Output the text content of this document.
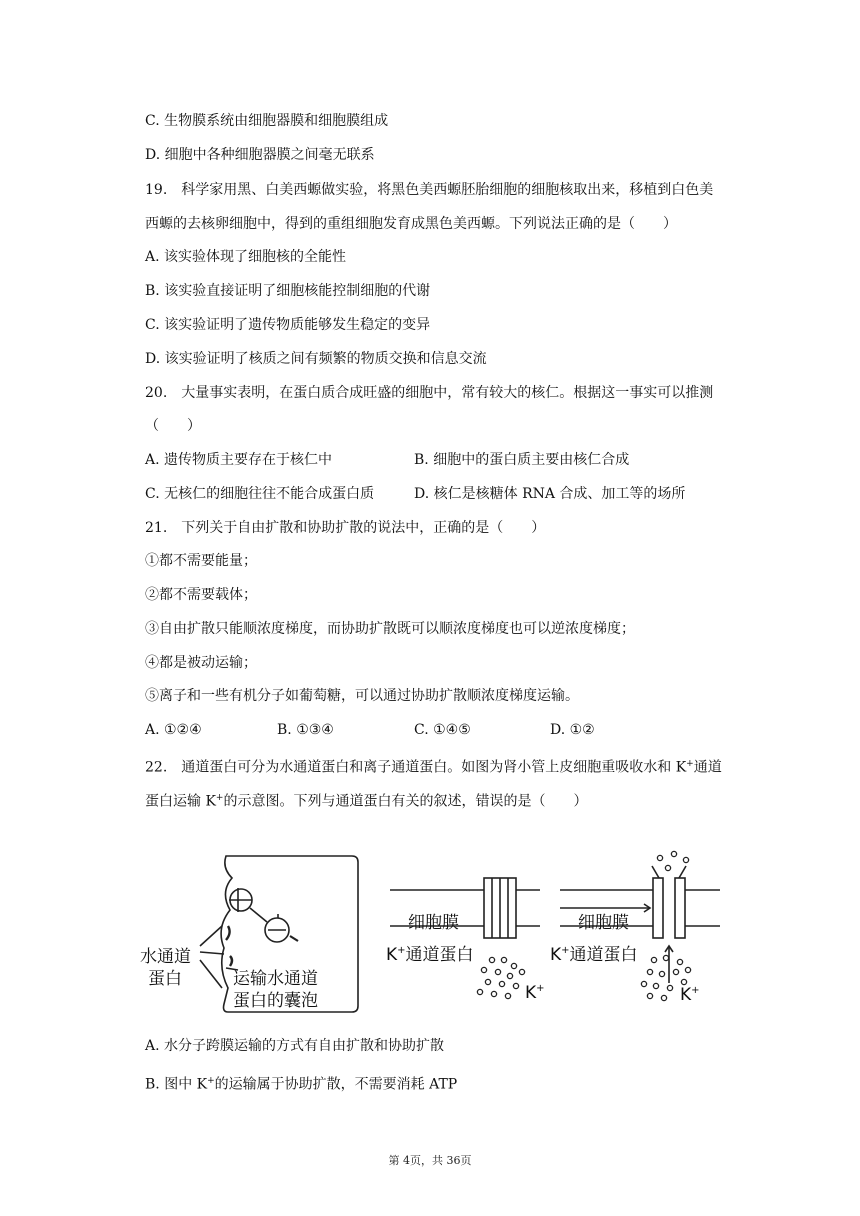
C. 生物膜系统由细胞器膜和细胞膜组成
D. 细胞中各种细胞器膜之间毫无联系
19.　科学家用黑、白美西螈做实验，将黑色美西螈胚胎细胞的细胞核取出来，移植到白色美
西螈的去核卵细胞中，得到的重组细胞发育成黑色美西螈。下列说法正确的是（　　）
A. 该实验体现了细胞核的全能性
B. 该实验直接证明了细胞核能控制细胞的代谢
C. 该实验证明了遗传物质能够发生稳定的变异
D. 该实验证明了核质之间有频繁的物质交换和信息交流
20.　大量事实表明，在蛋白质合成旺盛的细胞中，常有较大的核仁。根据这一事实可以推测
（　　）
A. 遗传物质主要存在于核仁中	B. 细胞中的蛋白质主要由核仁合成
C. 无核仁的细胞往往不能合成蛋白质	D. 核仁是核糖体 RNA 合成、加工等的场所
21.　下列关于自由扩散和协助扩散的说法中，正确的是（　　）
①都不需要能量；
②都不需要载体；
③自由扩散只能顺浓度梯度，而协助扩散既可以顺浓度梯度也可以逆浓度梯度；
④都是被动运输；
⑤离子和一些有机分子如葡萄糖，可以通过协助扩散顺浓度梯度运输。
A. ①②④	B. ①③④	C. ①④⑤	D. ①②
22.　通道蛋白可分为水通道蛋白和离子通道蛋白。如图为肾小管上皮细胞重吸收水和 K+通道
蛋白运输 K+的示意图。下列与通道蛋白有关的叙述，错误的是（　　）
水通道
蛋白	运输水通道
蛋白的囊泡
细胞膜	细胞膜
K+通道蛋白	K+通道蛋白
K+	K+
A. 水分子跨膜运输的方式有自由扩散和协助扩散
B. 图中 K+的运输属于协助扩散，不需要消耗 ATP
第 4页，共 36页
